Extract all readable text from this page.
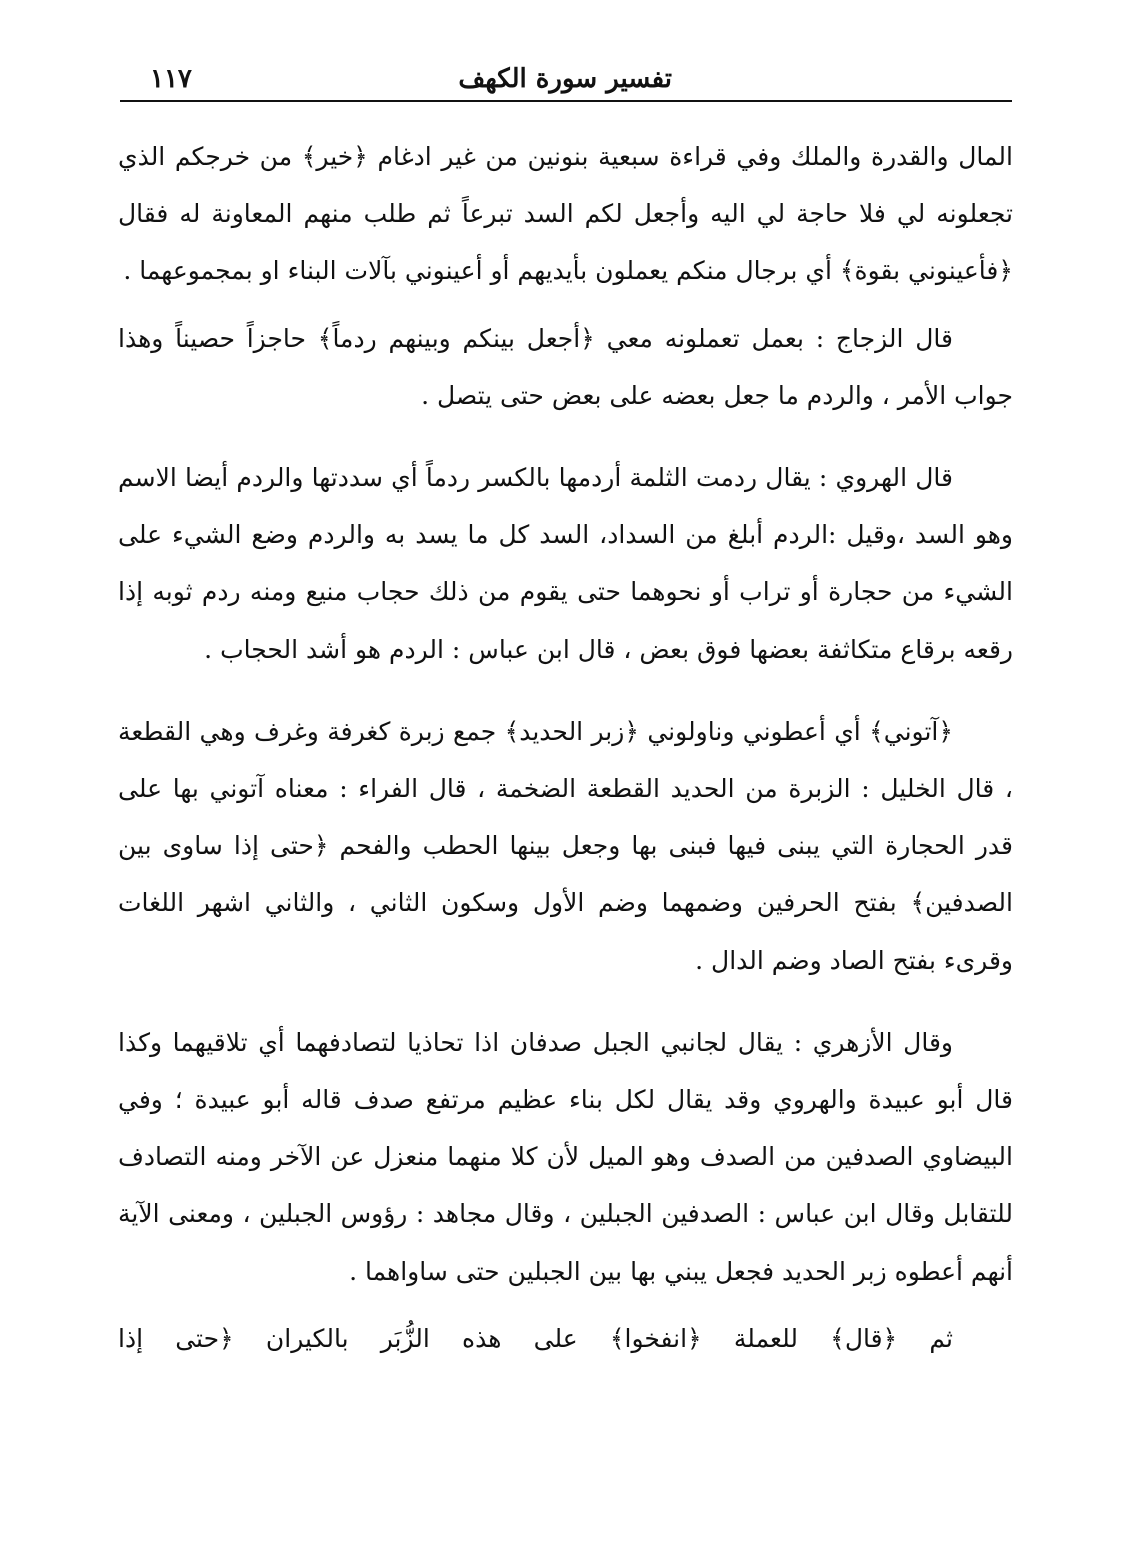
تفسير سورة الكهف
١١٧

المال والقدرة والملك وفي قراءة سبعية بنونين من غير ادغام ﴿خير﴾ من خرجكم الذي تجعلونه لي فلا حاجة لي اليه وأجعل لكم السد تبرعاً ثم طلب منهم المعاونة له فقال ﴿فأعينوني بقوة﴾ أي برجال منكم يعملون بأيديهم أو أعينوني بآلات البناء او بمجموعهما .

قال الزجاج : بعمل تعملونه معي ﴿أجعل بينكم وبينهم ردماً﴾ حاجزاً حصيناً وهذا جواب الأمر ، والردم ما جعل بعضه على بعض حتى يتصل .

قال الهروي : يقال ردمت الثلمة أردمها بالكسر ردماً أي سددتها والردم أيضا الاسم وهو السد ،وقيل :الردم أبلغ من السداد، السد كل ما يسد به والردم وضع الشيء على الشيء من حجارة أو تراب أو نحوهما حتى يقوم من ذلك حجاب منيع ومنه ردم ثوبه إذا رقعه برقاع متكاثفة بعضها فوق بعض ، قال ابن عباس : الردم هو أشد الحجاب .

﴿آتوني﴾ أي أعطوني وناولوني ﴿زبر الحديد﴾ جمع زبرة كغرفة وغرف وهي القطعة ، قال الخليل : الزبرة من الحديد القطعة الضخمة ، قال الفراء : معناه آتوني بها على قدر الحجارة التي يبنى فيها فبنى بها وجعل بينها الحطب والفحم ﴿حتى إذا ساوى بين الصدفين﴾ بفتح الحرفين وضمهما وضم الأول وسكون الثاني ، والثاني اشهر اللغات وقرىء بفتح الصاد وضم الدال .

وقال الأزهري : يقال لجانبي الجبل صدفان اذا تحاذيا لتصادفهما أي تلاقيهما وكذا قال أبو عبيدة والهروي وقد يقال لكل بناء عظيم مرتفع صدف قاله أبو عبيدة ؛ وفي البيضاوي الصدفين من الصدف وهو الميل لأن كلا منهما منعزل عن الآخر ومنه التصادف للتقابل وقال ابن عباس : الصدفين الجبلين ، وقال مجاهد : رؤوس الجبلين ، ومعنى الآية أنهم أعطوه زبر الحديد فجعل يبني بها بين الجبلين حتى ساواهما .

ثم ﴿قال﴾ للعملة ﴿انفخوا﴾ على هذه الزُّبَر بالكيران ﴿حتى إذا
